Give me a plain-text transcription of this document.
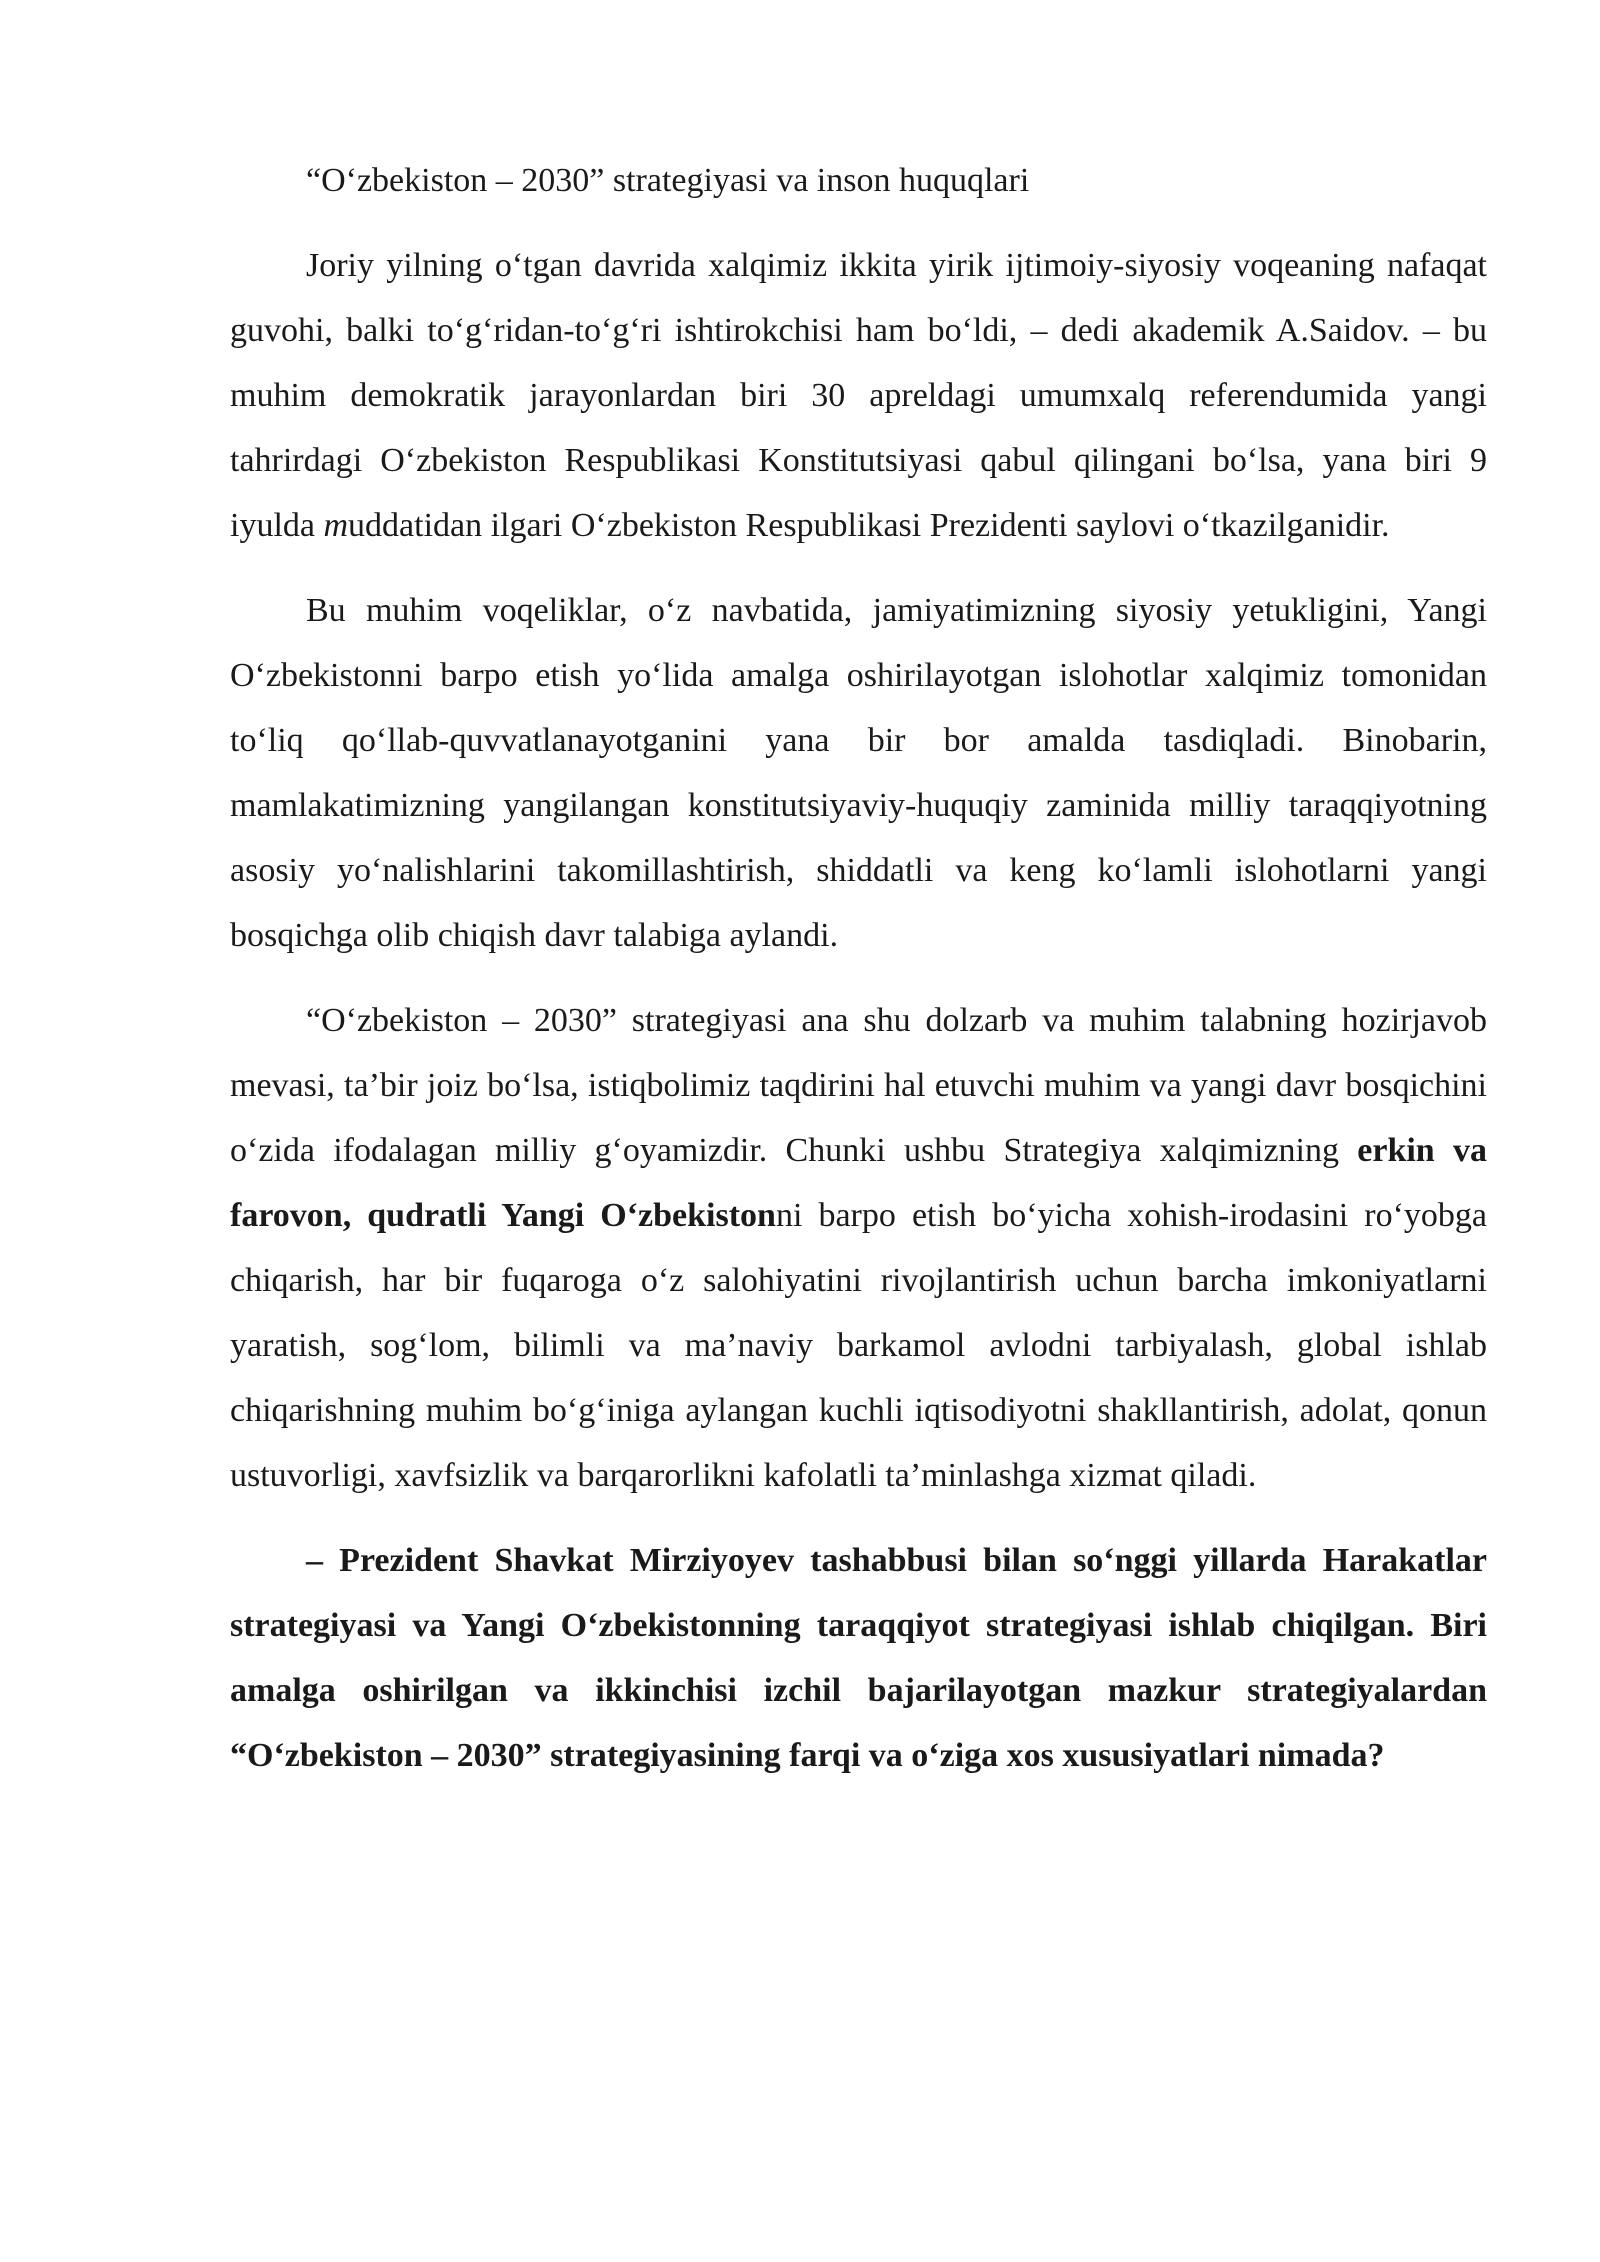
“O‘zbekiston – 2030” strategiyasi va inson huquqlari

Joriy yilning o‘tgan davrida xalqimiz ikkita yirik ijtimoiy-siyosiy voqeaning nafaqat guvohi, balki to‘g‘ridan-to‘g‘ri ishtirokchisi ham bo‘ldi, – dedi akademik A.Saidov. – bu muhim demokratik jarayonlardan biri 30 apreldagi umumxalq referendumida yangi tahrirdagi O‘zbekiston Respublikasi Konstitutsiyasi qabul qilingani bo‘lsa, yana biri 9 iyulda muddatidan ilgari O‘zbekiston Respublikasi Prezidenti saylovi o‘tkazilganidir.

Bu muhim voqeliklar, o‘z navbatida, jamiyatimizning siyosiy yetukligini, Yangi O‘zbekistonni barpo etish yo‘lida amalga oshirilayotgan islohotlar xalqimiz tomonidan to‘liq qo‘llab-quvvatlanayotganini yana bir bor amalda tasdiqladi. Binobarin, mamlakatimizning yangilangan konstitutsiyaviy-huquqiy zaminida milliy taraqqiyotning asosiy yo‘nalishlarini takomillashtirish, shiddatli va keng ko‘lamli islohotlarni yangi bosqichga olib chiqish davr talabiga aylandi.

“O‘zbekiston – 2030” strategiyasi ana shu dolzarb va muhim talabning hozirjavob mevasi, ta’bir joiz bo‘lsa, istiqbolimiz taqdirini hal etuvchi muhim va yangi davr bosqichini o‘zida ifodalagan milliy g‘oyamizdir. Chunki ushbu Strategiya xalqimizning erkin va farovon, qudratli Yangi O‘zbekistonni barpo etish bo‘yicha xohish-irodasini ro‘yobga chiqarish, har bir fuqaroga o‘z salohiyatini rivojlantirish uchun barcha imkoniyatlarni yaratish, sog‘lom, bilimli va ma’naviy barkamol avlodni tarbiyalash, global ishlab chiqarishning muhim bo‘g‘iniga aylangan kuchli iqtisodiyotni shakllantirish, adolat, qonun ustuvorligi, xavfsizlik va barqarorlikni kafolatli ta’minlashga xizmat qiladi.

– Prezident Shavkat Mirziyoyev tashabbusi bilan so‘nggi yillarda Harakatlar strategiyasi va Yangi O‘zbekistonning taraqqiyot strategiyasi ishlab chiqilgan. Biri amalga oshirilgan va ikkinchisi izchil bajarilayotgan mazkur strategiyalardan “O‘zbekiston – 2030” strategiyasining farqi va o‘ziga xos xususiyatlari nimada?
